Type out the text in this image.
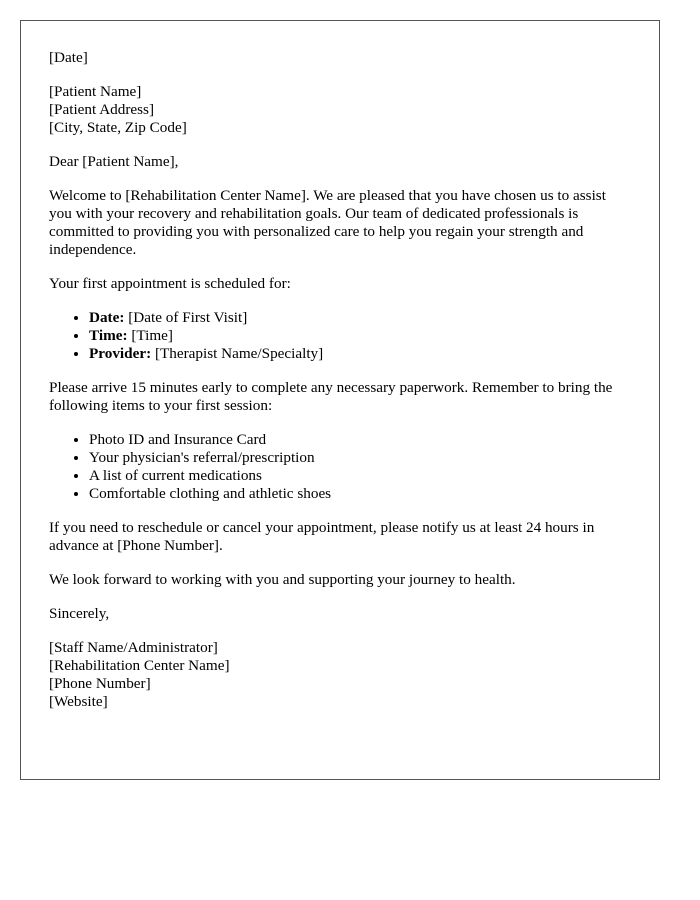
[Date]

[Patient Name]
[Patient Address]
[City, State, Zip Code]

Dear [Patient Name],

Welcome to [Rehabilitation Center Name]. We are pleased that you have chosen us to assist you with your recovery and rehabilitation goals. Our team of dedicated professionals is committed to providing you with personalized care to help you regain your strength and independence.

Your first appointment is scheduled for:

• Date: [Date of First Visit]
• Time: [Time]
• Provider: [Therapist Name/Specialty]

Please arrive 15 minutes early to complete any necessary paperwork. Remember to bring the following items to your first session:

• Photo ID and Insurance Card
• Your physician's referral/prescription
• A list of current medications
• Comfortable clothing and athletic shoes

If you need to reschedule or cancel your appointment, please notify us at least 24 hours in advance at [Phone Number].

We look forward to working with you and supporting your journey to health.

Sincerely,

[Staff Name/Administrator]
[Rehabilitation Center Name]
[Phone Number]
[Website]
